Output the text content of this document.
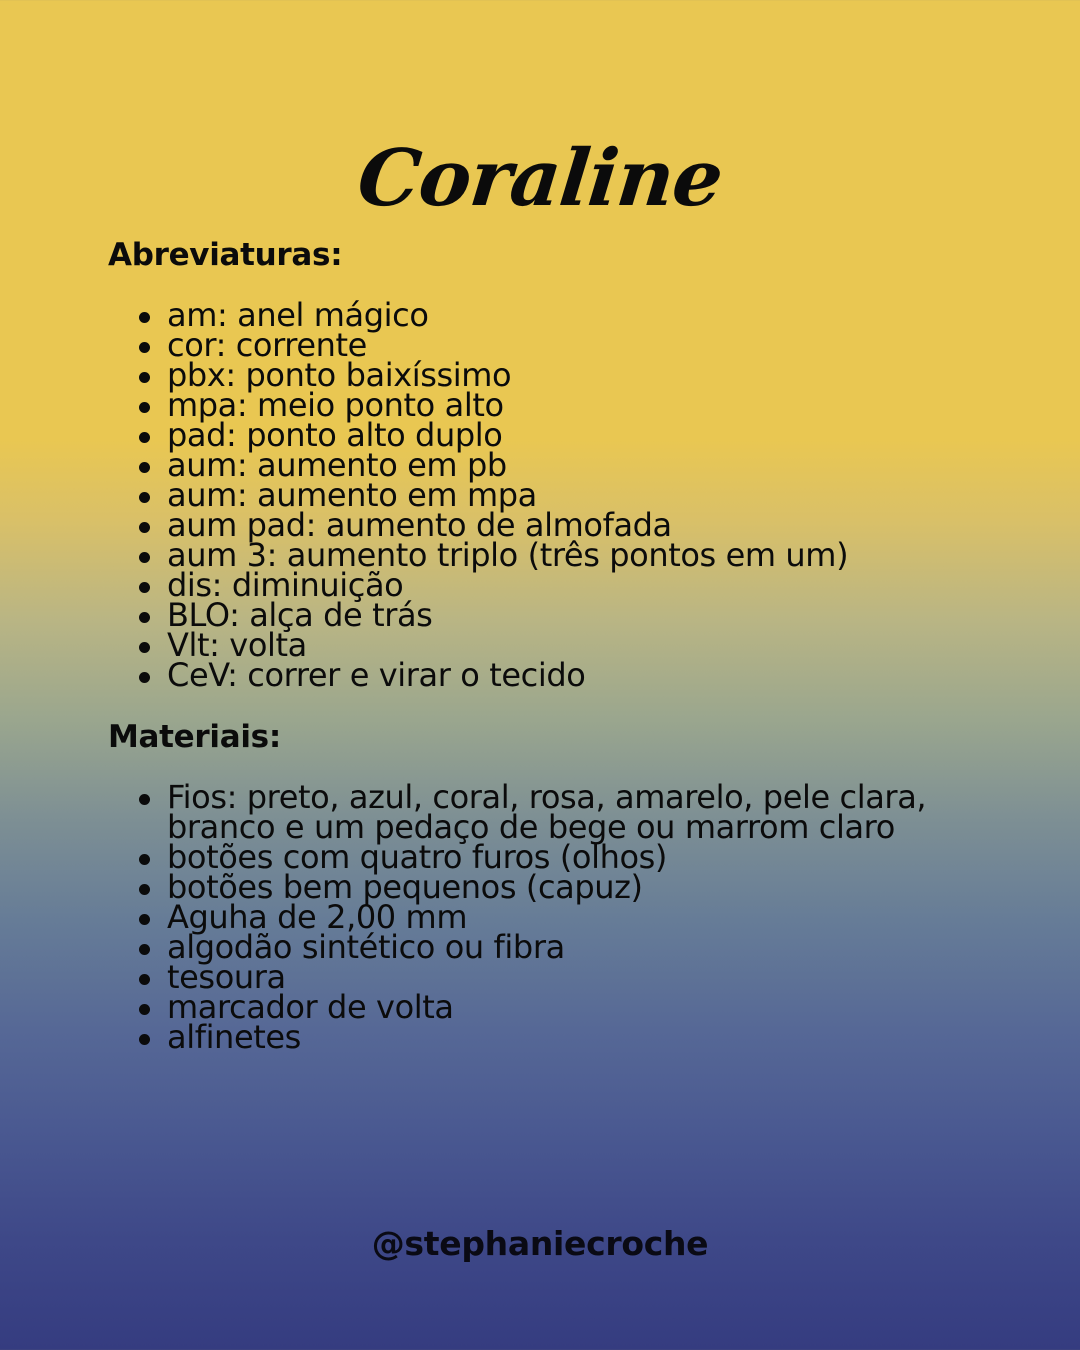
Coraline
Abreviaturas:
am: anel mágico
cor: corrente
pbx: ponto baixíssimo
mpa: meio ponto alto
pad: ponto alto duplo
aum: aumento em pb
aum: aumento em mpa
aum pad: aumento de almofada
aum 3: aumento triplo (três pontos em um)
dis: diminuição
BLO: alça de trás
Vlt: volta
CeV: correr e virar o tecido
Materiais:
Fios: preto, azul, coral, rosa, amarelo, pele clara, branco e um pedaço de bege ou marrom claro
botões com quatro furos (olhos)
botões bem pequenos (capuz)
Aguha de 2,00 mm
algodão sintético ou fibra
tesoura
marcador de volta
alfinetes
@stephaniecroche
